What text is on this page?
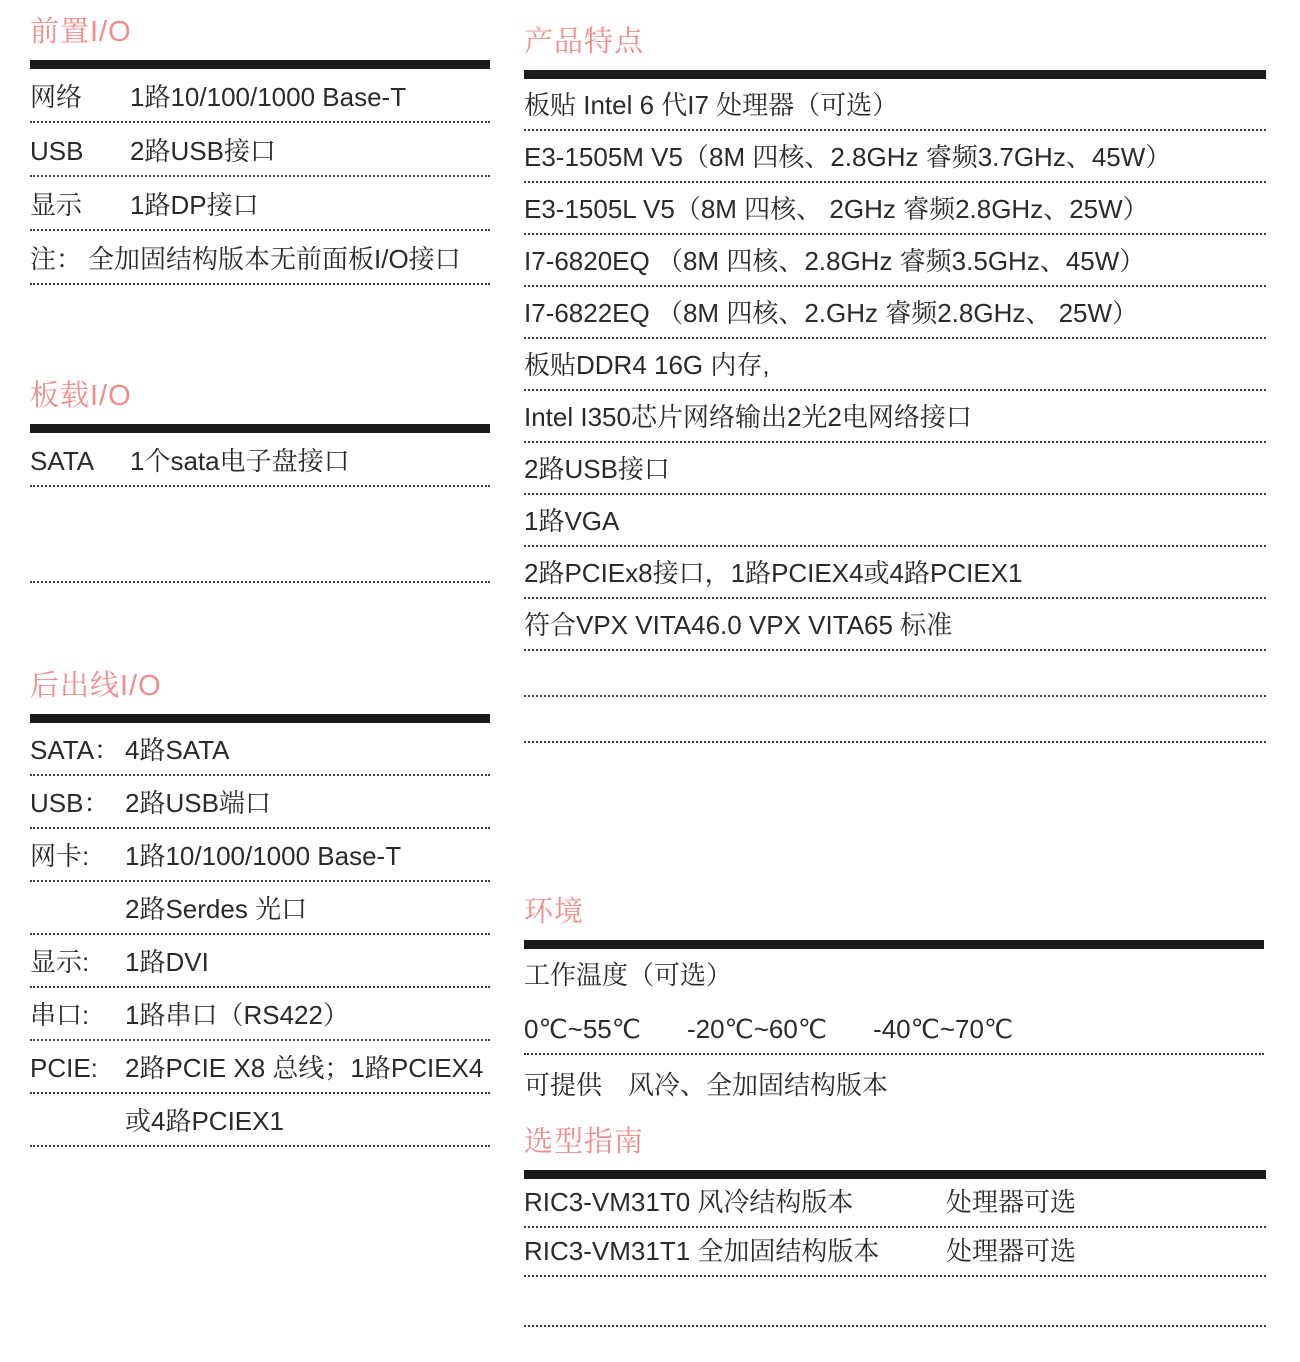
前置I/O
网络	1路10/100/1000 Base-T
USB	2路USB接口
显示	1路DP接口
注： 全加固结构版本无前面板I/O接口
板载I/O
SATA	1个sata电子盘接口
后出线I/O
SATA： 4路SATA
USB： 2路USB端口
网卡:	1路10/100/1000 Base-T
2路Serdes 光口
显示:	1路DVI
串口:	1路串口（RS422）
PCIE:	2路PCIE X8 总线；1路PCIEX4
或4路PCIEX1
产品特点
板贴 Intel 6 代I7 处理器（可选）
E3-1505M V5（8M 四核、2.8GHz 睿频3.7GHz、45W）
E3-1505L V5（8M 四核、 2GHz 睿频2.8GHz、25W）
I7-6820EQ （8M 四核、2.8GHz 睿频3.5GHz、45W）
I7-6822EQ （8M 四核、2.GHz 睿频2.8GHz、 25W）
板贴DDR4 16G 内存,
Intel I350芯片网络输出2光2电网络接口
2路USB接口
1路VGA
2路PCIEx8接口，1路PCIEX4或4路PCIEX1
符合VPX VITA46.0 VPX VITA65 标准
环境
工作温度（可选）
0℃~55℃ -20℃~60℃ -40℃~70℃
可提供　风冷、全加固结构版本
选型指南
RIC3-VM31T0 风冷结构版本	处理器可选
RIC3-VM31T1 全加固结构版本	处理器可选
